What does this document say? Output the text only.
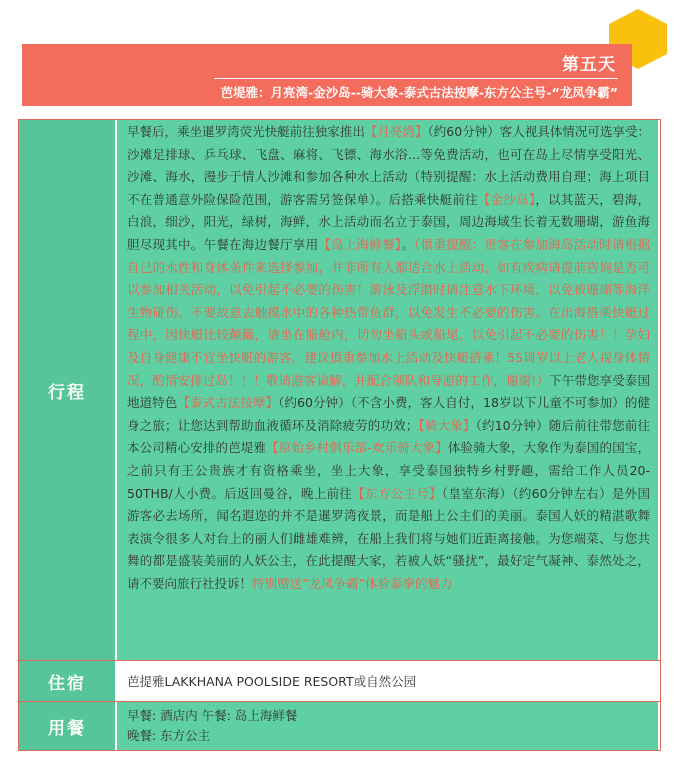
第五天
芭堤雅：月亮湾-金沙岛--骑大象-泰式古法按摩-东方公主号-“龙凤争霸”
行程
早餐后，乘坐暹罗湾荧光快艇前往独家推出【月亮湾】（约60分钟）客人视具体情况可选享受：沙滩足排球、乒乓球、飞盘、麻将、飞镖、海水浴…等免费活动，也可在岛上尽情享受阳光、沙滩、海水，漫步于情人沙滩和参加各种水上活动（特别提醒：水上活动费用自理；海上项目不在普通意外险保险范围，游客需另签保单）。后搭乘快艇前往【金沙岛】，以其蓝天，碧海，白浪，细沙，阳光，绿树，海鲜，水上活动而名立于泰国，周边海域生长着无数珊瑚，游鱼海胆尽现其中。午餐在海边餐厅享用【岛上海鲜餐】。（慎重提醒：贵客在参加海岛活动时请根据自己的水性和身体条件来选择参加，并非所有人都适合水上活动，如有疾病请提前咨询是否可以参加相关活动，以免引起不必要的伤害！游泳及浮潜时请注意水下环境，以免被珊瑚等海洋生物碰伤。不要故意去触摸水中的各种热带鱼群，以免发生不必要的伤害。在出海搭乘快艇过程中，因快艇比较颠簸，请坐在船舱内，切勿坐船头或船尾，以免引起不必要的伤害！！孕妇及自身健康不宜坐快艇的游客，建议慎重参加水上活动及快艇搭乘！55周岁以上老人视身体情况，酌情安排过岛！！！敬请游客谅解，并配合领队和导游的工作，谢谢!）下午带您享受泰国地道特色【泰式古法按摩】（约60分钟）（不含小费，客人自付，18岁以下儿童不可参加）的健身之旅；让您达到帮助血液循环及消除疲劳的功效；【骑大象】（约10分钟）随后前往带您前往本公司精心安排的芭堤雅【原始乡村俱乐部-欢乐骑大象】体验骑大象，大象作为泰国的国宝，之前只有王公贵族才有资格乘坐，坐上大象，享受泰国独特乡村野趣，需给工作人员20-50THB/人小费。后返回曼谷，晚上前往【东方公主号】（皇室东海）（约60分钟左右）是外国游客必去场所，闻名遐迩的并不是暹罗湾夜景，而是船上公主们的美丽。泰国人妖的精湛歌舞表演令很多人对台上的丽人们雌雄难辨，在船上我们将与她们近距离接触。为您端菜、与您共舞的都是盛装美丽的人妖公主，在此提醒大家，若被人妖“骚扰”，最好定气凝神、泰然处之，请不要向旅行社投诉！特别赠送“龙凤争霸”体验泰拳的魅力
住宿	芭提雅LAKKHANA POOLSIDE RESORT或自然公园
用餐
早餐: 酒店内 午餐: 岛上海鲜餐
晚餐: 东方公主
